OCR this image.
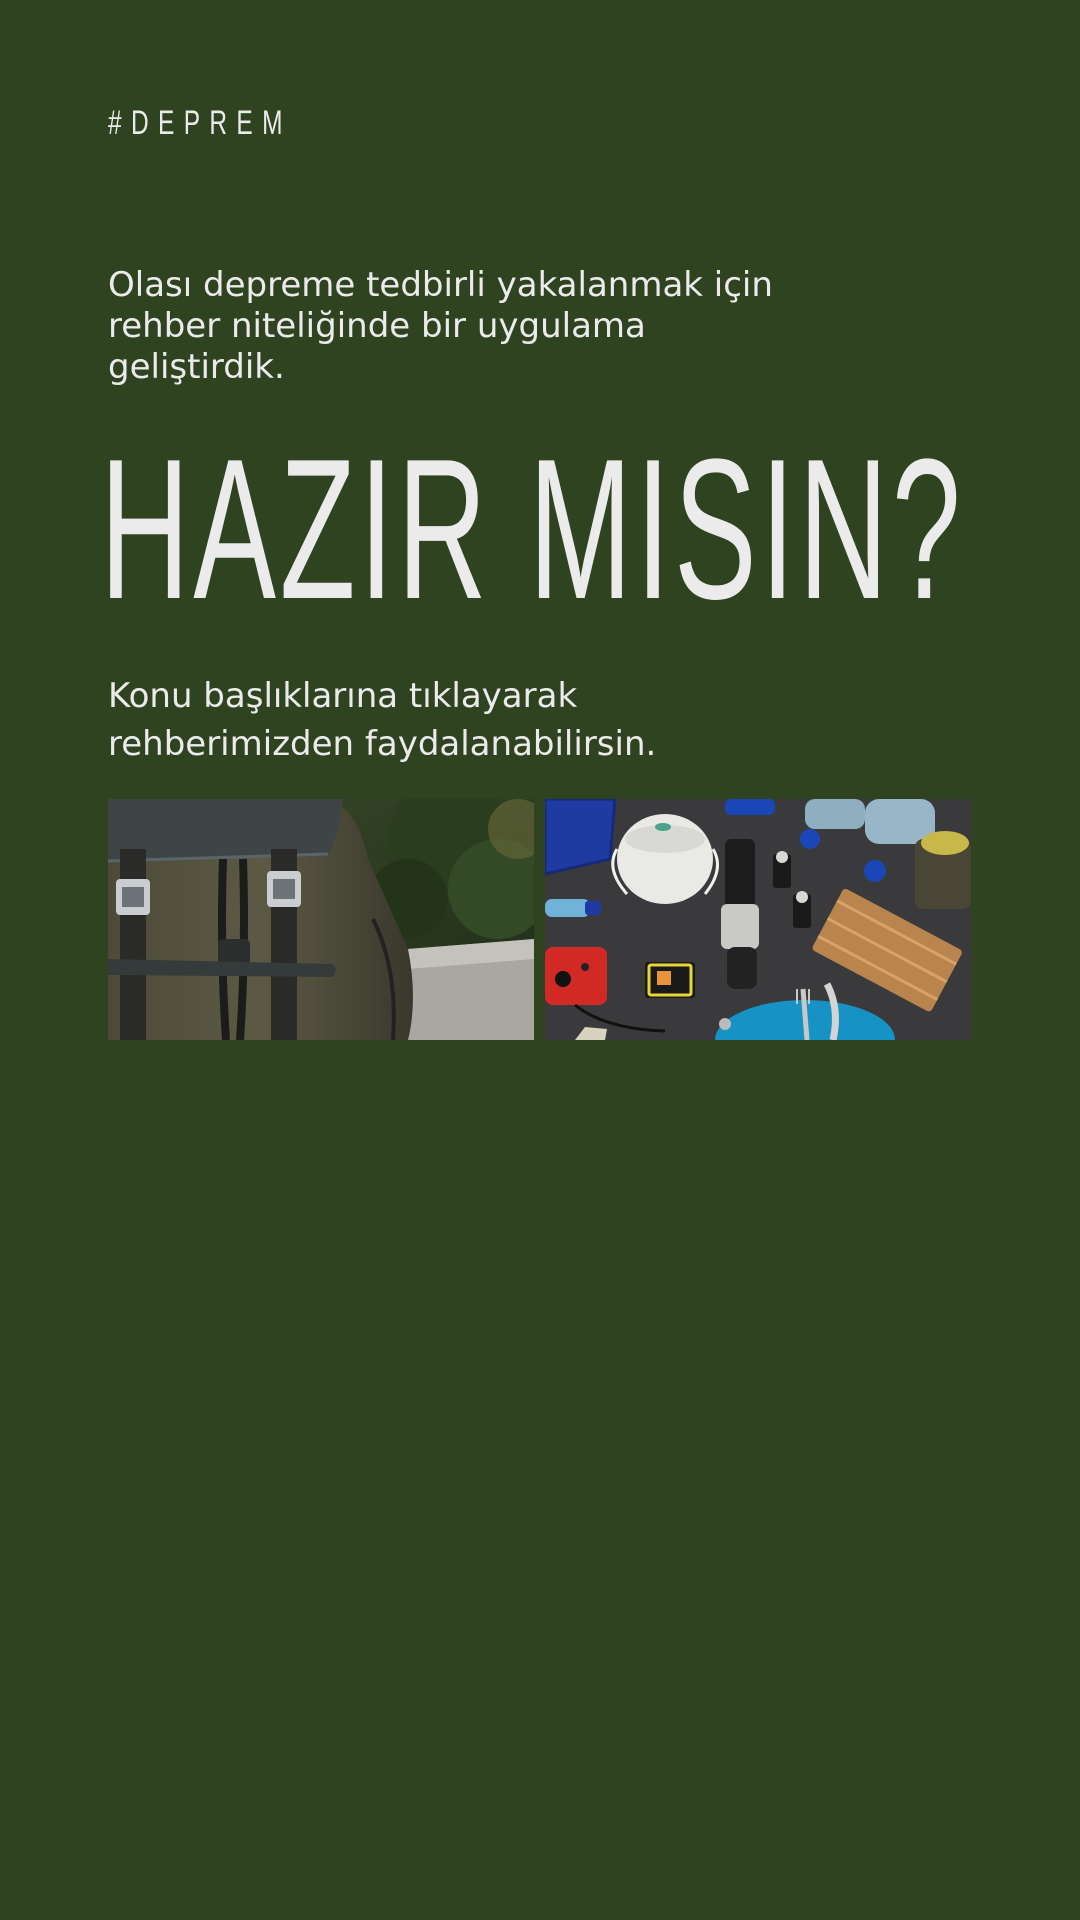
#DEPREM

Olası depreme tedbirli yakalanmak için rehber niteliğinde bir uygulama geliştirdik.

HAZIR MISIN?

Konu başlıklarına tıklayarak rehberimizden faydalanabilirsin.
